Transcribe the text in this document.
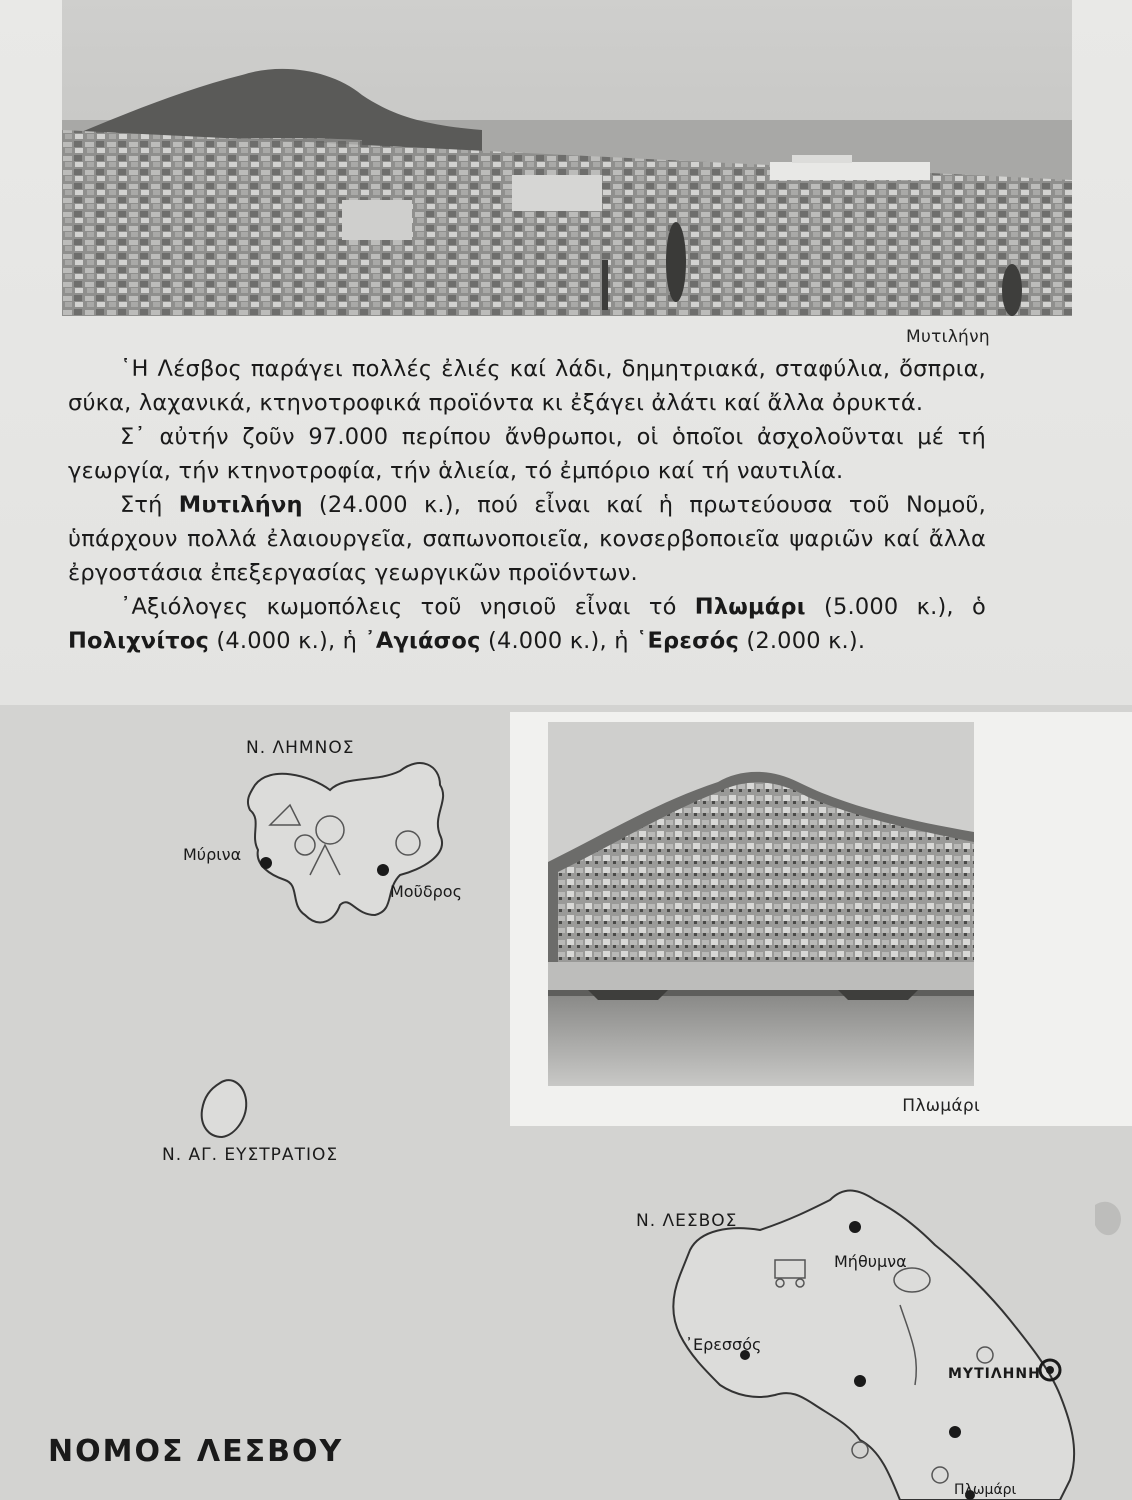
Μυτιλήνη

῾Η Λέσβος παράγει πολλές ἐλιές καί λάδι, δημητριακά, σταφύλια, ὄσπρια, σύκα, λαχανικά, κτηνοτροφικά προϊόντα κι ἐξάγει ἀλάτι καί ἄλλα ὀρυκτά.

Σ᾿ αὐτήν ζοῦν 97.000 περίπου ἄνθρωποι, οἱ ὁποῖοι ἀσχολοῦνται μέ τή γεωργία, τήν κτηνοτροφία, τήν ἁλιεία, τό ἐμπόριο καί τή ναυτιλία.

Στή Μυτιλήνη (24.000 κ.), πού εἶναι καί ἡ πρωτεύουσα τοῦ Νομοῦ, ὑπάρχουν πολλά ἐλαιουργεῖα, σαπωνοποιεῖα, κονσερβοποιεῖα ψαριῶν καί ἄλλα ἐργοστάσια ἐπεξεργασίας γεωργικῶν προϊόντων.

᾿Αξιόλογες κωμοπόλεις τοῦ νησιοῦ εἶναι τό Πλωμάρι (5.000 κ.), ὁ Πολιχνίτος (4.000 κ.), ἡ ᾿Αγιάσος (4.000 κ.), ἡ ῾Ερεσός (2.000 κ.).

Ν. ΛΗΜΝΟΣ
Μύρινα
Μοῦδρος
Ν. ΑΓ. ΕΥΣΤΡΑΤΙΟΣ
Ν. ΛΕΣΒΟΣ
Μήθυμνα
᾿Ερεσσός
ΜΥΤΙΛΗΝΗ
Πλωμάρι
Πλωμάρι
ΝΟΜΟΣ ΛΕΣΒΟΥ
